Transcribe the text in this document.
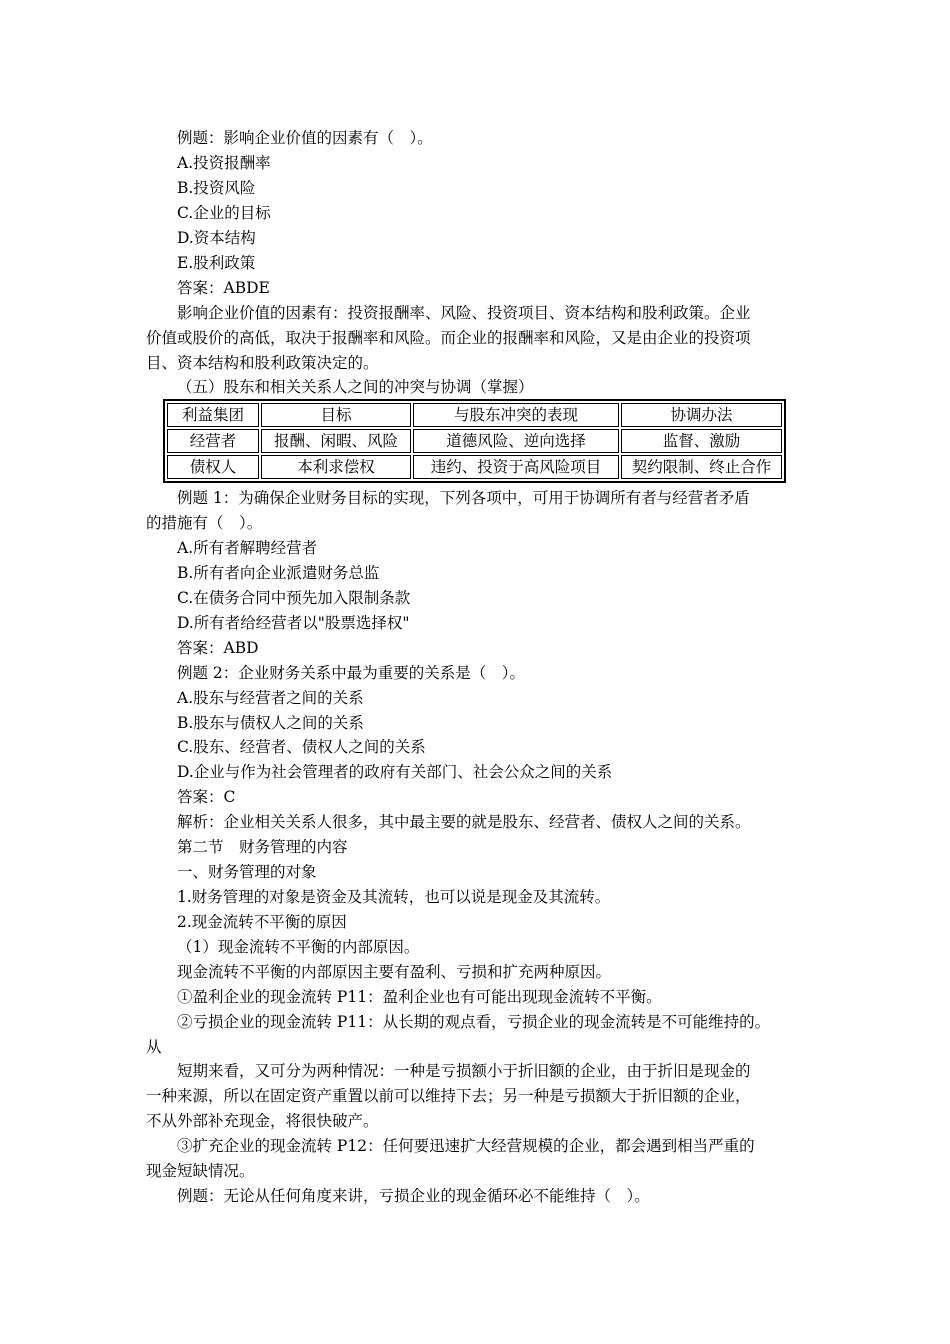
例题：影响企业价值的因素有（　）。
A.投资报酬率
B.投资风险
C.企业的目标
D.资本结构
E.股利政策
答案：ABDE
影响企业价值的因素有：投资报酬率、风险、投资项目、资本结构和股利政策。企业
价值或股价的高低，取决于报酬率和风险。而企业的报酬率和风险，又是由企业的投资项
目、资本结构和股利政策决定的。
（五）股东和相关关系人之间的冲突与协调（掌握）
利益集团	目标	与股东冲突的表现	协调办法
经营者	报酬、闲暇、风险	道德风险、逆向选择	监督、激励
债权人	本利求偿权	违约、投资于高风险项目	契约限制、终止合作
例题 1：为确保企业财务目标的实现，下列各项中，可用于协调所有者与经营者矛盾
的措施有（　）。
A.所有者解聘经营者
B.所有者向企业派遣财务总监
C.在债务合同中预先加入限制条款
D.所有者给经营者以"股票选择权"
答案：ABD
例题 2：企业财务关系中最为重要的关系是（　）。
A.股东与经营者之间的关系
B.股东与债权人之间的关系
C.股东、经营者、债权人之间的关系
D.企业与作为社会管理者的政府有关部门、社会公众之间的关系
答案：C
解析：企业相关关系人很多，其中最主要的就是股东、经营者、债权人之间的关系。
第二节　财务管理的内容
一、财务管理的对象
1.财务管理的对象是资金及其流转，也可以说是现金及其流转。
2.现金流转不平衡的原因
（1）现金流转不平衡的内部原因。
现金流转不平衡的内部原因主要有盈利、亏损和扩充两种原因。
①盈利企业的现金流转 P11：盈利企业也有可能出现现金流转不平衡。
②亏损企业的现金流转 P11：从长期的观点看，亏损企业的现金流转是不可能维持的。
从
短期来看，又可分为两种情况：一种是亏损额小于折旧额的企业，由于折旧是现金的
一种来源，所以在固定资产重置以前可以维持下去；另一种是亏损额大于折旧额的企业，
不从外部补充现金，将很快破产。
③扩充企业的现金流转 P12：任何要迅速扩大经营规模的企业，都会遇到相当严重的
现金短缺情况。
例题：无论从任何角度来讲，亏损企业的现金循环必不能维持（　）。
